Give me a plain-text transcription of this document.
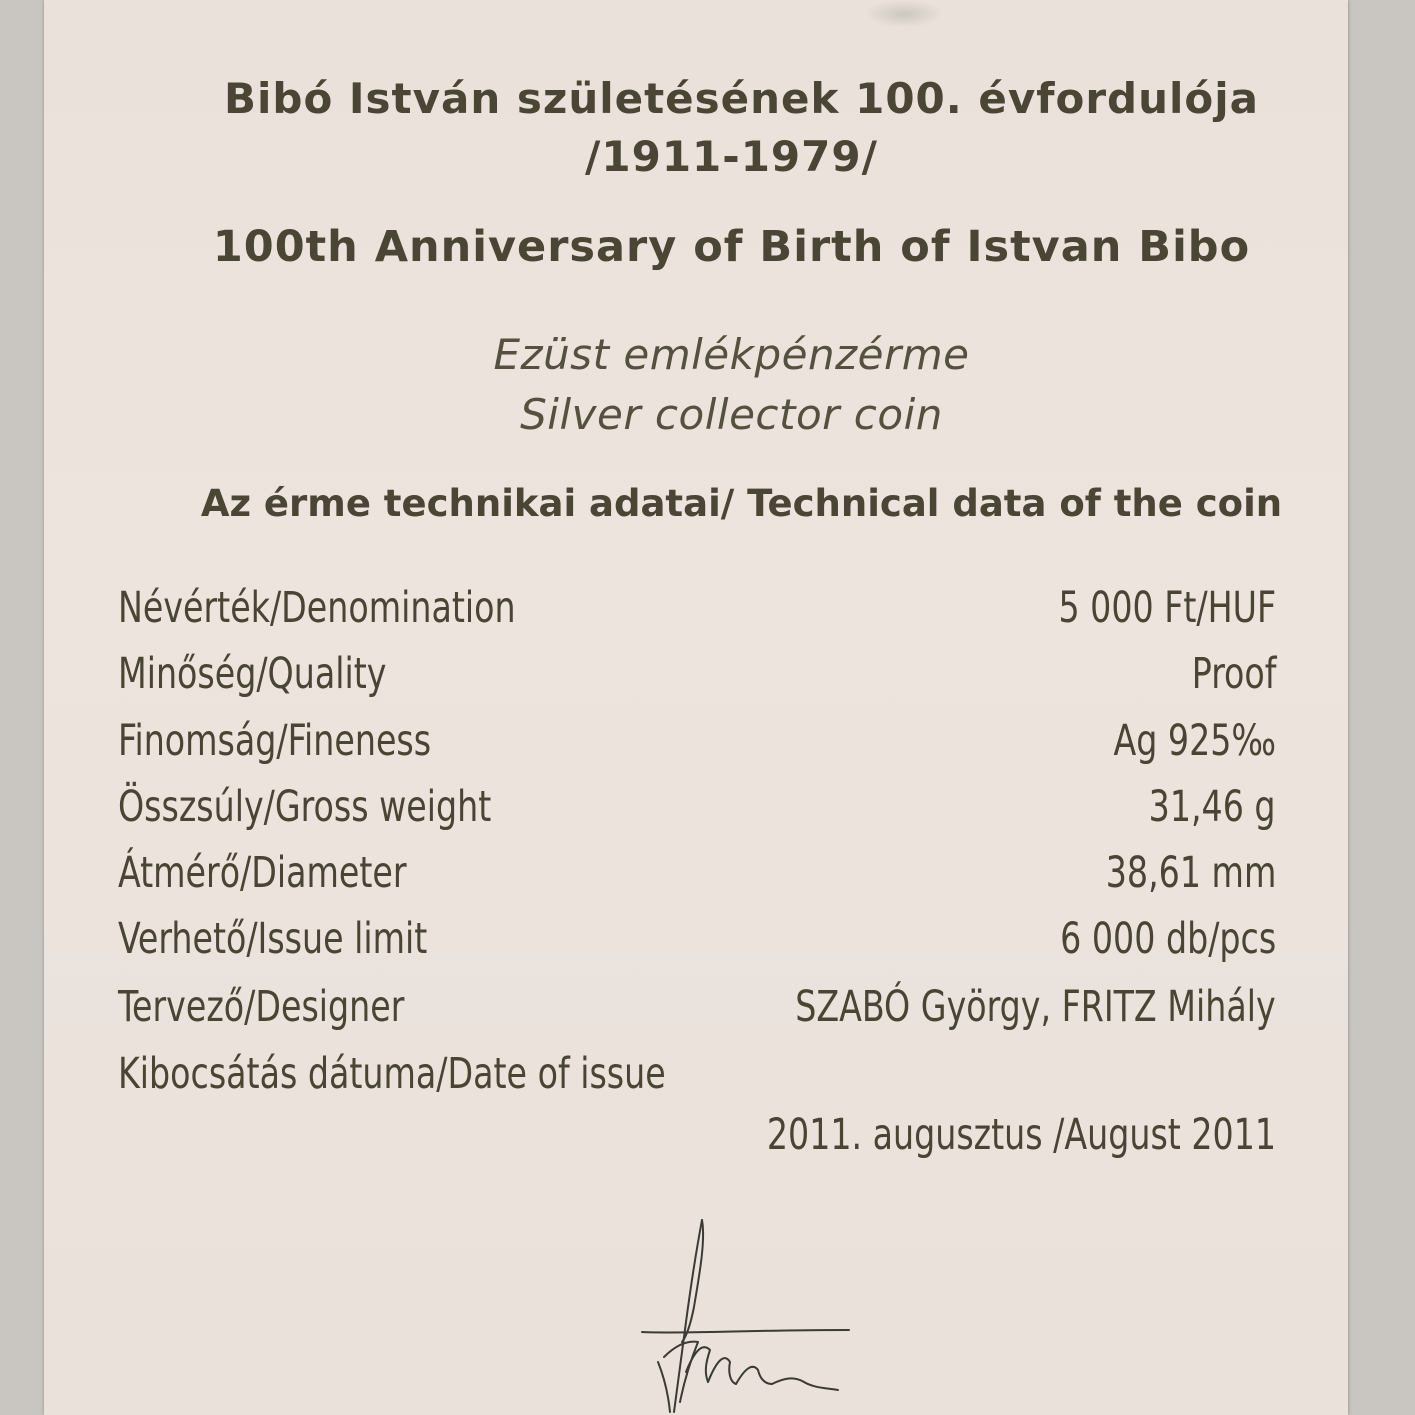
Bibó István születésének 100. évfordulója
/1911-1979/
100th Anniversary of Birth of Istvan Bibo
Ezüst emlékpénzérme
Silver collector coin
Az érme technikai adatai/ Technical data of the coin
Névérték/Denomination	5 000 Ft/HUF
Minőség/Quality	Proof
Finomság/Fineness	Ag 925‰
Összsúly/Gross weight	31,46 g
Átmérő/Diameter	38,61 mm
Verhető/Issue limit	6 000 db/pcs
Tervező/Designer	SZABÓ György, FRITZ Mihály
Kibocsátás dátuma/Date of issue
2011. augusztus /August 2011
